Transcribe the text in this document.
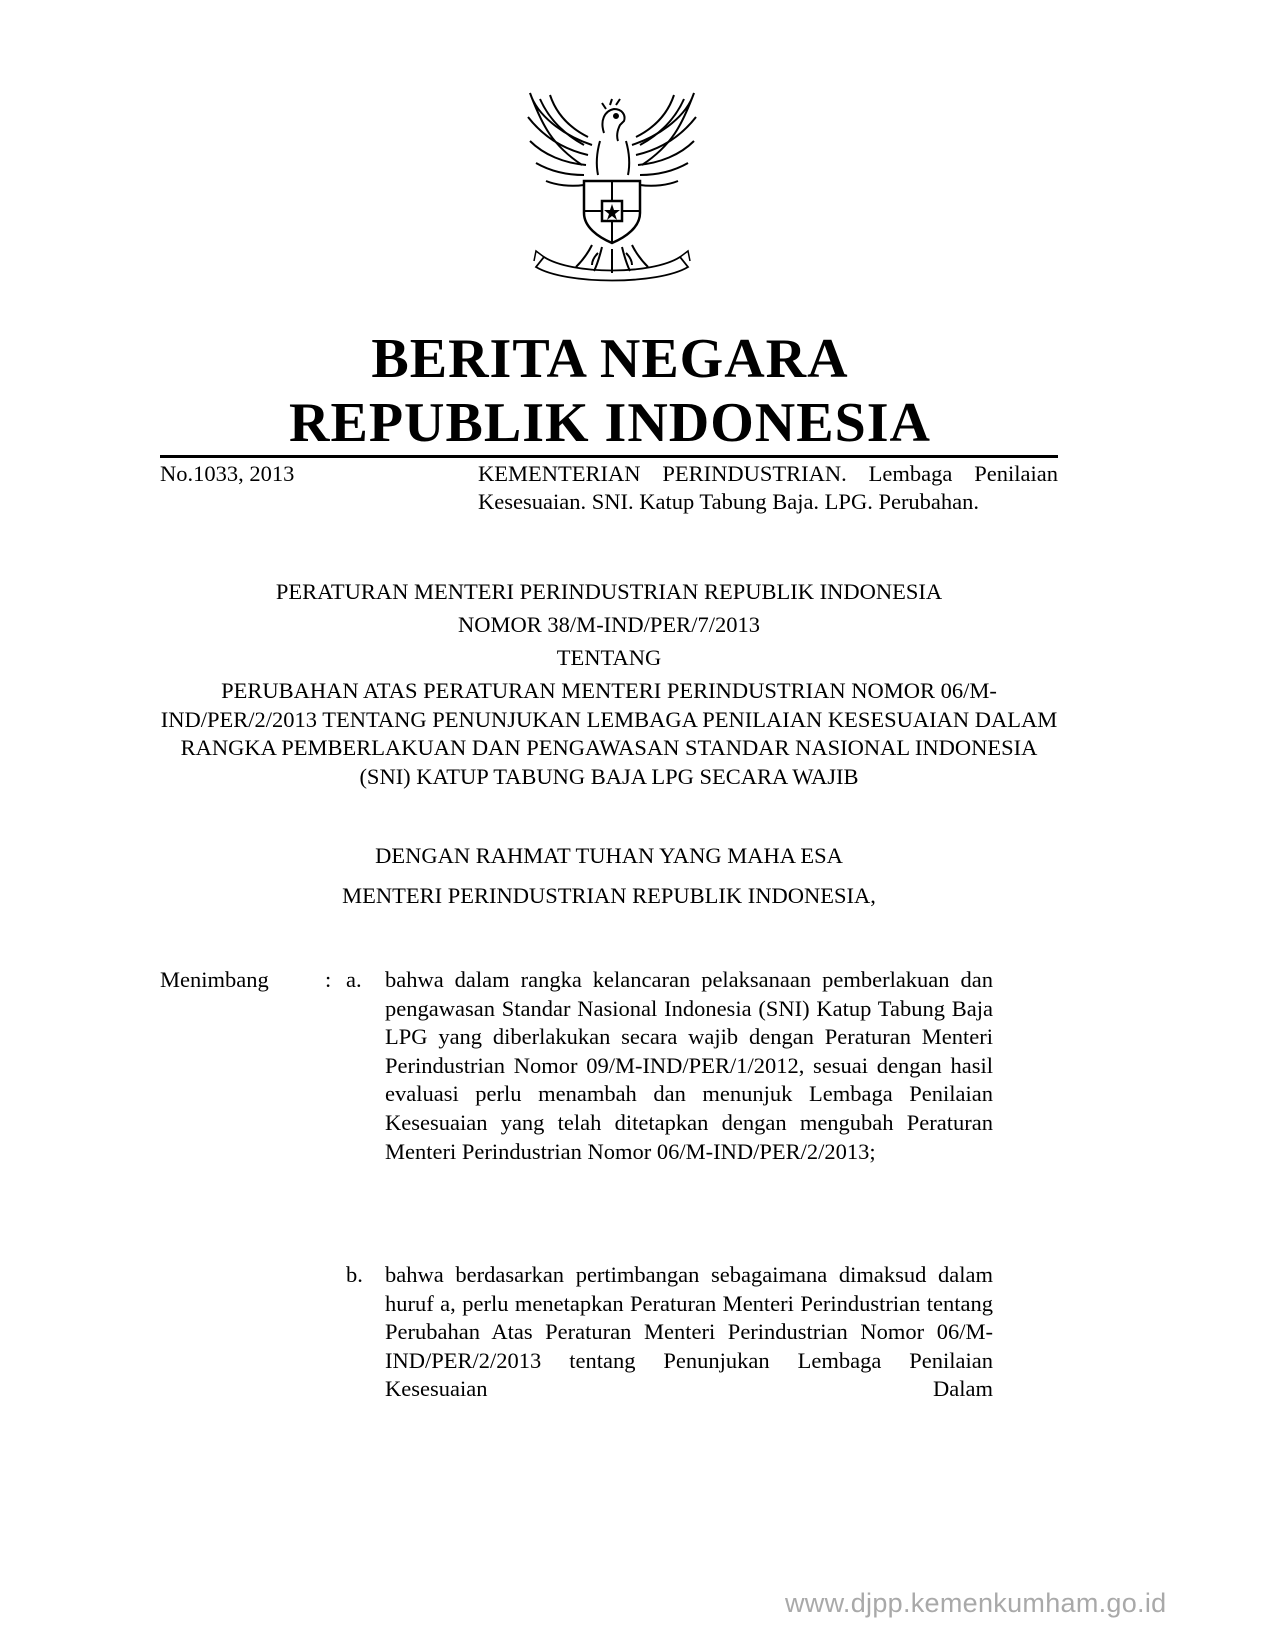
BERITA NEGARA
REPUBLIK INDONESIA
No.1033, 2013	KEMENTERIAN PERINDUSTRIAN. Lembaga Penilaian Kesesuaian. SNI. Katup Tabung Baja. LPG. Perubahan.
PERATURAN MENTERI PERINDUSTRIAN REPUBLIK INDONESIA
NOMOR 38/M-IND/PER/7/2013
TENTANG
PERUBAHAN ATAS PERATURAN MENTERI PERINDUSTRIAN NOMOR 06/M-IND/PER/2/2013 TENTANG PENUNJUKAN LEMBAGA PENILAIAN KESESUAIAN DALAM RANGKA PEMBERLAKUAN DAN PENGAWASAN STANDAR NASIONAL INDONESIA (SNI) KATUP TABUNG BAJA LPG SECARA WAJIB
DENGAN RAHMAT TUHAN YANG MAHA ESA
MENTERI PERINDUSTRIAN REPUBLIK INDONESIA,
Menimbang	: a. bahwa dalam rangka kelancaran pelaksanaan pemberlakuan dan pengawasan Standar Nasional Indonesia (SNI) Katup Tabung Baja LPG yang diberlakukan secara wajib dengan Peraturan Menteri Perindustrian Nomor 09/M-IND/PER/1/2012, sesuai dengan hasil evaluasi perlu menambah dan menunjuk Lembaga Penilaian Kesesuaian yang telah ditetapkan dengan mengubah Peraturan Menteri Perindustrian Nomor 06/M-IND/PER/2/2013;
b. bahwa berdasarkan pertimbangan sebagaimana dimaksud dalam huruf a, perlu menetapkan Peraturan Menteri Perindustrian tentang Perubahan Atas Peraturan Menteri Perindustrian Nomor 06/M-IND/PER/2/2013 tentang Penunjukan Lembaga Penilaian Kesesuaian Dalam
www.djpp.kemenkumham.go.id
